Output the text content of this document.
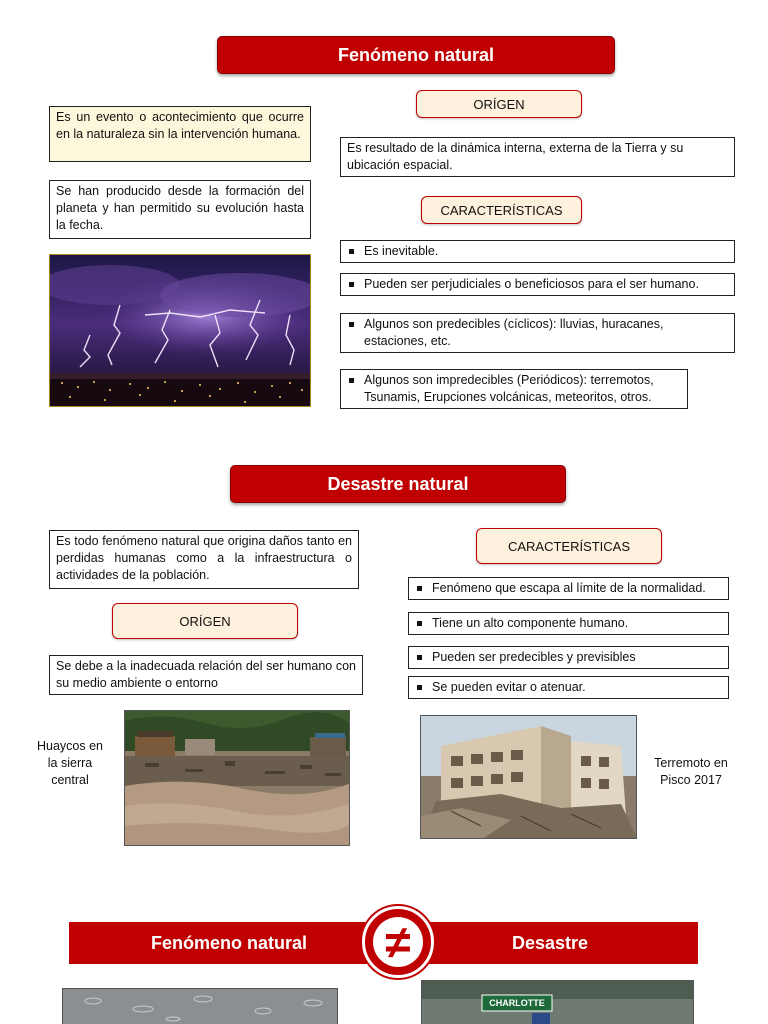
Fenómeno natural
Es un evento o acontecimiento que ocurre en la naturaleza sin la intervención humana.
Se han producido desde la formación del planeta y han permitido su evolución hasta la fecha.
ORÍGEN
Es resultado de la dinámica interna, externa de la Tierra y su ubicación espacial.
CARACTERÍSTICAS
Es inevitable.
Pueden ser perjudiciales o beneficiosos para el ser humano.
Algunos son predecibles (cíclicos): lluvias, huracanes, estaciones, etc.
Algunos son impredecibles (Periódicos): terremotos, Tsunamis, Erupciones volcánicas, meteoritos, otros.
Desastre natural
Es todo fenómeno natural que origina daños tanto en perdidas humanas como a la infraestructura o actividades de la población.
ORÍGEN
Se debe a la inadecuada relación del ser humano con su medio ambiente o entorno
CARACTERÍSTICAS
Fenómeno que escapa al límite de la normalidad.
Tiene un alto componente humano.
Pueden ser predecibles y previsibles
Se pueden evitar o atenuar.
Huaycos en la sierra central
Terremoto en Pisco 2017
Fenómeno natural	Desastre
≠
CHARLOTTE
